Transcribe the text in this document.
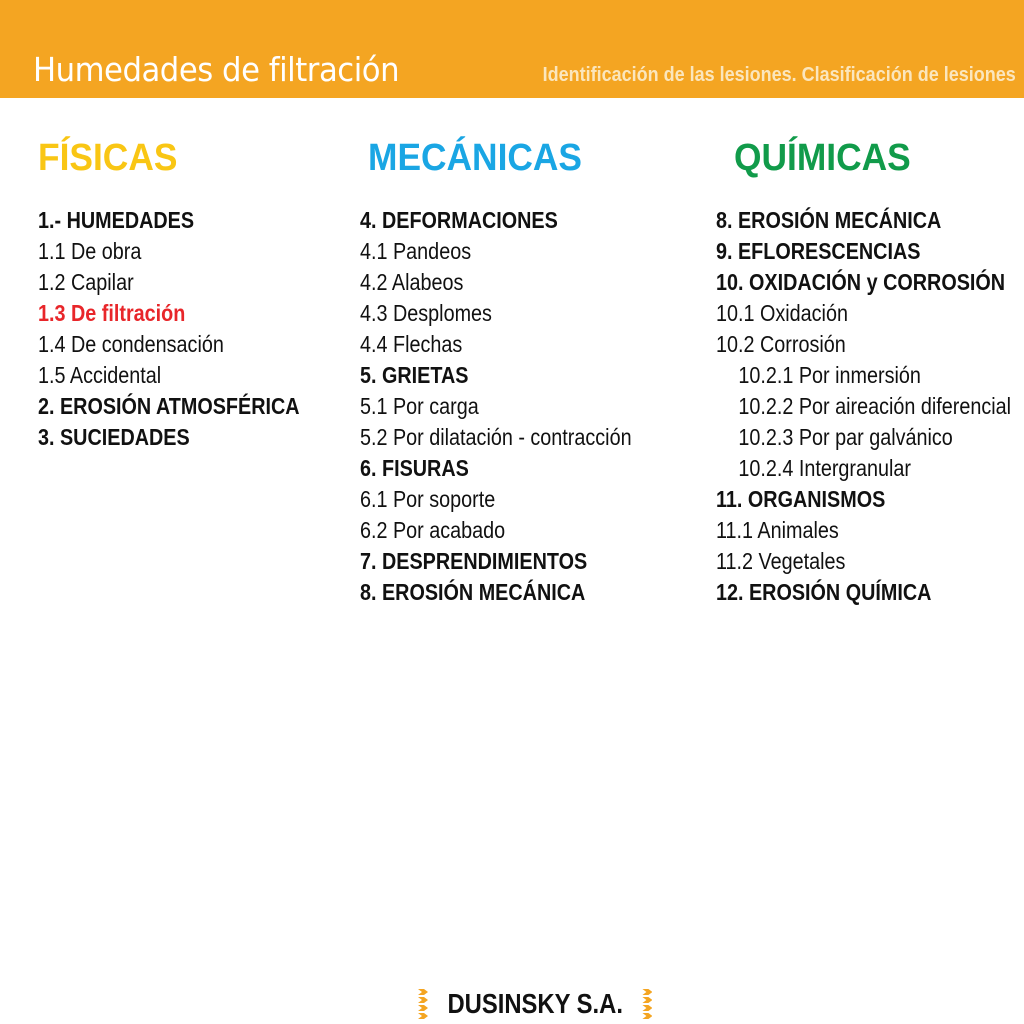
Humedades de filtración	Identificación de las lesiones. Clasificación de lesiones
FÍSICAS
1.- HUMEDADES
1.1 De obra
1.2 Capilar
1.3 De filtración
1.4 De condensación
1.5 Accidental
2. EROSIÓN ATMOSFÉRICA
3. SUCIEDADES
MECÁNICAS
4. DEFORMACIONES
4.1 Pandeos
4.2 Alabeos
4.3 Desplomes
4.4 Flechas
5. GRIETAS
5.1 Por carga
5.2 Por dilatación - contracción
6. FISURAS
6.1 Por soporte
6.2 Por acabado
7. DESPRENDIMIENTOS
8. EROSIÓN MECÁNICA
QUÍMICAS
8. EROSIÓN MECÁNICA
9. EFLORESCENCIAS
10. OXIDACIÓN y CORROSIÓN
10.1 Oxidación
10.2 Corrosión
10.2.1 Por inmersión
10.2.2 Por aireación diferencial
10.2.3 Por par galvánico
10.2.4 Intergranular
11. ORGANISMOS
11.1 Animales
11.2 Vegetales
12. EROSIÓN QUÍMICA
DUSINSKY S.A.
